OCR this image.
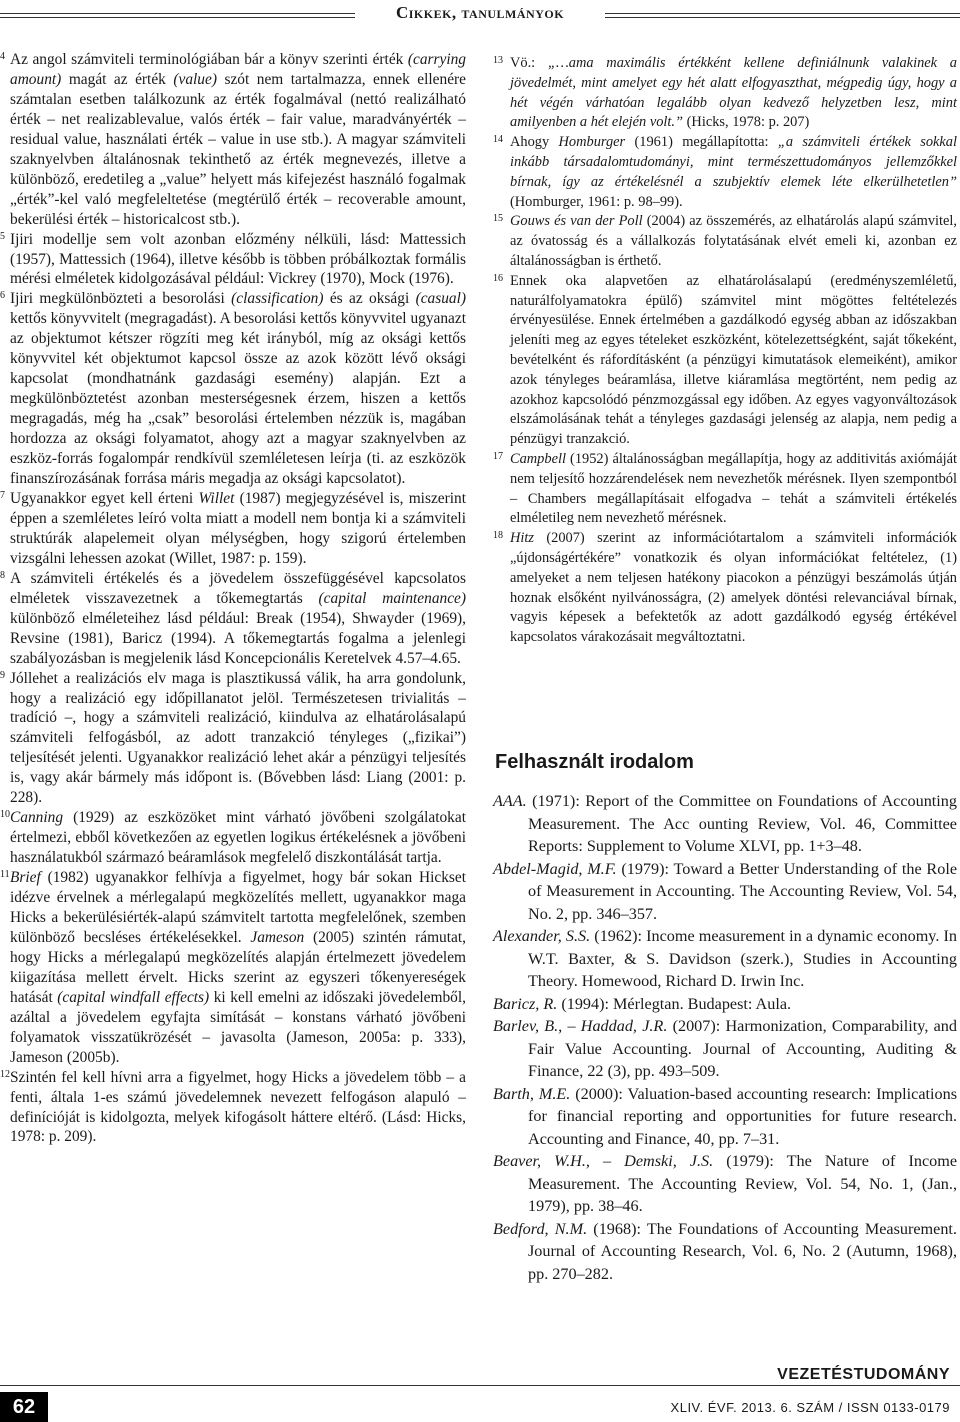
Cikkek, tanulmányok

4 Az angol számviteli terminológiában bár a könyv szerinti érték (carrying amount) magát az érték (value) szót nem tartalmazza, ennek ellenére számtalan esetben találkozunk az érték fogalmával (nettó realizálható érték – net realizablevalue, valós érték – fair value, maradványérték – residual value, használati érték – value in use stb.). A magyar számviteli szaknyelvben általánosnak tekinthető az érték megnevezés, illetve a különböző, eredetileg a „value” helyett más kifejezést használó fogalmak „érték”-kel való megfeleltetése (megtérülő érték – recoverable amount, bekerülési érték – historicalcost stb.).

5 Ijiri modellje sem volt azonban előzmény nélküli, lásd: Mattessich (1957), Mattessich (1964), illetve később is többen próbálkoztak formális mérési elméletek kidolgozásával például: Vickrey (1970), Mock (1976).

6 Ijiri megkülönbözteti a besorolási (classification) és az oksági (casual) kettős könyvvitelt (megragadást). A besorolási kettős könyvvitel ugyanazt az objektumot kétszer rögzíti meg két irányból, míg az oksági kettős könyvvitel két objektumot kapcsol össze az azok között lévő oksági kapcsolat (mondhatnánk gazdasági esemény) alapján. Ezt a megkülönböztetést azonban mesterségesnek érzem, hiszen a kettős megragadás, még ha „csak” besorolási értelemben nézzük is, magában hordozza az oksági folyamatot, ahogy azt a magyar szaknyelvben az eszköz-forrás fogalompár rendkívül szemléletesen leírja (ti. az eszközök finanszírozásának forrása máris megadja az oksági kapcsolatot).

7 Ugyanakkor egyet kell érteni Willet (1987) megjegyzésével is, miszerint éppen a szemléletes leíró volta miatt a modell nem bontja ki a számviteli struktúrák alapelemeit olyan mélységben, hogy szigorú értelemben vizsgálni lehessen azokat (Willet, 1987: p. 159).

8 A számviteli értékelés és a jövedelem összefüggésével kapcsolatos elméletek visszavezetnek a tőkemegtartás (capital maintenance) különböző elméleteihez lásd például: Break (1954), Shwayder (1969), Revsine (1981), Baricz (1994). A tőkemegtartás fogalma a jelenlegi szabályozásban is megjelenik lásd Koncepcionális Keretelvek 4.57–4.65.

9 Jóllehet a realizációs elv maga is plasztikussá válik, ha arra gondolunk, hogy a realizáció egy időpillanatot jelöl. Természetesen trivialitás – tradíció –, hogy a számviteli realizáció, kiindulva az elhatárolásalapú számviteli felfogásból, az adott tranzakció tényleges („fizikai”) teljesítését jelenti. Ugyanakkor realizáció lehet akár a pénzügyi teljesítés is, vagy akár bármely más időpont is. (Bővebben lásd: Liang (2001: p. 228).

10 Canning (1929) az eszközöket mint várható jövőbeni szolgálatokat értelmezi, ebből következően az egyetlen logikus értékelésnek a jövőbeni használatukból származó beáramlások megfelelő diszkontálását tartja.

11 Brief (1982) ugyanakkor felhívja a figyelmet, hogy bár sokan Hickset idézve érvelnek a mérlegalapú megközelítés mellett, ugyanakkor maga Hicks a bekerülésiérték-alapú számvitelt tartotta megfelelőnek, szemben különböző becsléses értékelésekkel. Jameson (2005) szintén rámutat, hogy Hicks a mérlegalapú megközelítés alapján értelmezett jövedelem kiigazítása mellett érvelt. Hicks szerint az egyszeri tőkenyereségek hatását (capital windfall effects) ki kell emelni az időszaki jövedelemből, azáltal a jövedelem egyfajta simítását – konstans várható jövőbeni folyamatok visszatükrözését – javasolta (Jameson, 2005a: p. 333), Jameson (2005b).

12 Szintén fel kell hívni arra a figyelmet, hogy Hicks a jövedelem több – a fenti, általa 1-es számú jövedelemnek nevezett felfogáson alapuló – definícióját is kidolgozta, melyek kifogásolt háttere eltérő. (Lásd: Hicks, 1978: p. 209).

13 Vö.: „…ama maximális értékként kellene definiálnunk valakinek a jövedelmét, mint amelyet egy hét alatt elfogyaszthat, mégpedig úgy, hogy a hét végén várhatóan legalább olyan kedvező helyzetben lesz, mint amilyenben a hét elején volt.” (Hicks, 1978: p. 207)

14 Ahogy Homburger (1961) megállapította: „a számviteli értékek sokkal inkább társadalomtudományi, mint természettudományos jellemzőkkel bírnak, így az értékelésnél a szubjektív elemek léte elkerülhetetlen” (Homburger, 1961: p. 98–99).

15 Gouws és van der Poll (2004) az összemérés, az elhatárolás alapú számvitel, az óvatosság és a vállalkozás folytatásának elvét emeli ki, azonban ez általánosságban is érthető.

16 Ennek oka alapvetően az elhatárolásalapú (eredményszemléletű, naturálfolyamatokra épülő) számvitel mint mögöttes feltételezés érvényesülése. Ennek értelmében a gazdálkodó egység abban az időszakban jeleníti meg az egyes tételeket eszközként, kötelezettségként, saját tőkeként, bevételként és ráfordításként (a pénzügyi kimutatások elemeiként), amikor azok tényleges beáramlása, illetve kiáramlása megtörtént, nem pedig az azokhoz kapcsolódó pénzmozgással egy időben. Az egyes vagyonváltozások elszámolásának tehát a tényleges gazdasági jelenség az alapja, nem pedig a pénzügyi tranzakció.

17 Campbell (1952) általánosságban megállapítja, hogy az additivitás axiómáját nem teljesítő hozzárendelések nem nevezhetők mérésnek. Ilyen szempontból – Chambers megállapításait elfogadva – tehát a számviteli értékelés elméletileg nem nevezhető mérésnek.

18 Hitz (2007) szerint az információtartalom a számviteli információk „újdonságértékére” vonatkozik és olyan információkat feltételez, (1) amelyeket a nem teljesen hatékony piacokon a pénzügyi beszámolás útján hoznak elsőként nyilvánosságra, (2) amelyek döntési relevanciával bírnak, vagyis képesek a befektetők az adott gazdálkodó egység értékével kapcsolatos várakozásait megváltoztatni.

Felhasznált irodalom

AAA. (1971): Report of the Committee on Foundations of Accounting Measurement. The Acc ounting Review, Vol. 46, Committee Reports: Supplement to Volume XLVI, pp. 1+3–48.

Abdel-Magid, M.F. (1979): Toward a Better Understanding of the Role of Measurement in Accounting. The Accounting Review, Vol. 54, No. 2, pp. 346–357.

Alexander, S.S. (1962): Income measurement in a dynamic economy. In W.T. Baxter, & S. Davidson (szerk.), Studies in Accounting Theory. Homewood, Richard D. Irwin Inc.

Baricz, R. (1994): Mérlegtan. Budapest: Aula.

Barlev, B., – Haddad, J.R. (2007): Harmonization, Comparability, and Fair Value Accounting. Journal of Accounting, Auditing & Finance, 22 (3), pp. 493–509.

Barth, M.E. (2000): Valuation-based accounting research: Implications for financial reporting and opportunities for future research. Accounting and Finance, 40, pp. 7–31.

Beaver, W.H., – Demski, J.S. (1979): The Nature of Income Measurement. The Accounting Review, Vol. 54, No. 1, (Jan., 1979), pp. 38–46.

Bedford, N.M. (1968): The Foundations of Accounting Measurement. Journal of Accounting Research, Vol. 6, No. 2 (Autumn, 1968), pp. 270–282.

62
VEZETÉSTUDOMÁNY
XLIV. ÉVF. 2013. 6. SZÁM / ISSN 0133-0179
